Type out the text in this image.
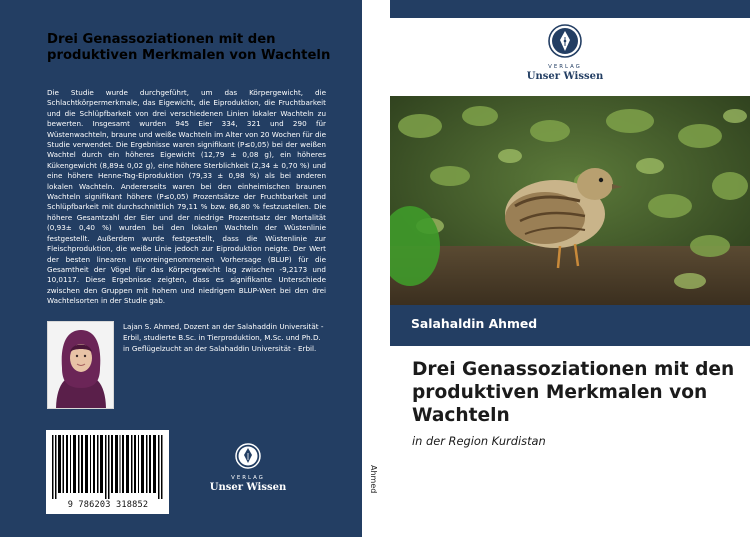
Drei Genassoziationen mit den produktiven Merkmalen von Wachteln
Die Studie wurde durchgeführt, um das Körpergewicht, die Schlachtkörpermerkmale, das Eigewicht, die Eiproduktion, die Fruchtbarkeit und die Schlüpfbarkeit von drei verschiedenen Linien lokaler Wachteln zu bewerten. Insgesamt wurden 945 Eier 334, 321 und 290 für Wüstenwachteln, braune und weiße Wachteln im Alter von 20 Wochen für die Studie verwendet. Die Ergebnisse waren signifikant (P≤0,05) bei der weißen Wachtel durch ein höheres Eigewicht (12,79 ± 0,08 g), ein höheres Kükengewicht (8,89± 0,02 g), eine höhere Sterblichkeit (2,34 ± 0,70 %) und eine höhere Henne-Tag-Eiproduktion (79,33 ± 0,98 %) als bei anderen lokalen Wachteln. Andererseits waren bei den einheimischen braunen Wachteln signifikant höhere (P≤0,05) Prozentsätze der Fruchtbarkeit und Schlüpfbarkeit mit durchschnittlich 79,11 % bzw. 86,80 % festzustellen. Die höhere Gesamtzahl der Eier und der niedrige Prozentsatz der Mortalität (0,93± 0,40 %) wurden bei den lokalen Wachteln der Wüstenlinie festgestellt. Außerdem wurde festgestellt, dass die Wüstenlinie zur Fleischproduktion, die weiße Linie jedoch zur Eiproduktion neigte. Der Wert der besten linearen unvoreingenommenen Vorhersage (BLUP) für die Gesamtheit der Vögel für das Körpergewicht lag zwischen -9,2173 und 10,0117. Diese Ergebnisse zeigten, dass es signifikante Unterschiede zwischen den Gruppen mit hohem und niedrigem BLUP-Wert bei den drei Wachtelsorten in der Studie gab.
Lajan S. Ahmed, Dozent an der Salahaddin Universität - Erbil, studierte B.Sc. in Tierproduktion, M.Sc. und Ph.D. in Geflügelzucht an der Salahaddin Universität - Erbil.
9 786203 318852
VERLAG
Unser Wissen	Ahmed
VERLAG
Unser Wissen
Salahaldin Ahmed
Drei Genassoziationen mit den produktiven Merkmalen von Wachteln
in der Region Kurdistan
